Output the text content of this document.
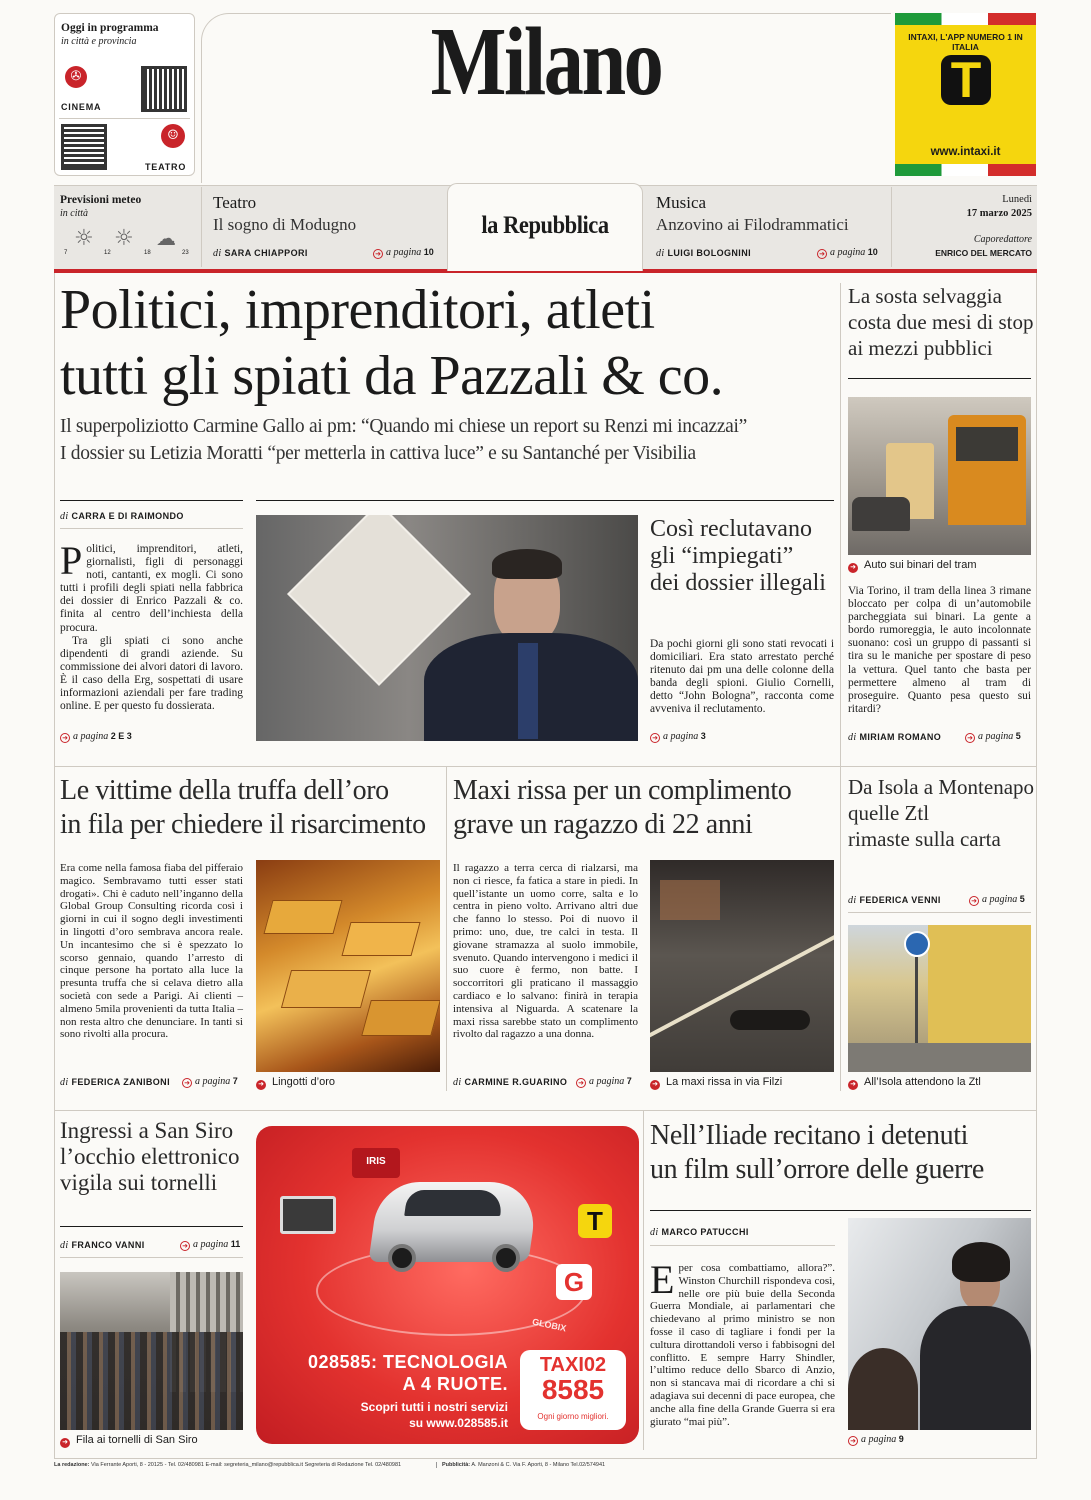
Oggi in programma
in città e provincia
✇
CINEMA
☺
TEATRO
Milano	INTAXI, L'APP NUMERO 1 IN ITALIA
T
www.intaxi.it
Previsioni meteo
in città
☼ ☼ ☁
7	12	18	23
Teatro
Il sogno di Modugno
di SARA CHIAPPORI	➜ a pagina 10
la Repubblica
Musica
Anzovino ai Filodrammatici
di LUIGI BOLOGNINI	➜ a pagina 10
Lunedì
17 marzo 2025
Caporedattore
ENRICO DEL MERCATO
Politici, imprenditori, atleti
tutti gli spiati da Pazzali & co.
Il superpoliziotto Carmine Gallo ai pm: “Quando mi chiese un report su Renzi mi incazzai”
I dossier su Letizia Moratti “per metterla in cattiva luce” e su Santanché per Visibilia
di CARRA E DI RAIMONDO
Politici, imprenditori, atleti, giornalisti, figli di personaggi noti, cantanti, ex mogli. Ci sono tutti i profili degli spiati nella fabbrica dei dossier di Enrico Pazzali & co. finita al centro dell’inchiesta della procura.
Tra gli spiati ci sono anche dipendenti di grandi aziende. Su commissione dei alvori datori di lavoro. È il caso della Erg, sospettati di usare informazioni aziendali per fare trading online. E per questo fu dossierata.
➜ a pagina 2 E 3
Così reclutavano
gli “impiegati”
dei dossier illegali
Da pochi giorni gli sono stati revocati i domiciliari. Era stato arrestato perché ritenuto dai pm una delle colonne della banda degli spioni. Giulio Cornelli, detto “John Bologna”, racconta come avveniva il reclutamento.
➜ a pagina 3
La sosta selvaggia
costa due mesi di stop
ai mezzi pubblici
➜ Auto sui binari del tram
Via Torino, il tram della linea 3 rimane bloccato per colpa di un’automobile parcheggiata sui binari. La gente a bordo rumoreggia, le auto incolonnate suonano: così un gruppo di passanti si tira su le maniche per spostare di peso la vettura. Quel tanto che basta per permettere almeno al tram di proseguire. Quanto pesa questo sui ritardi?
di MIRIAM ROMANO	➜ a pagina 5
Le vittime della truffa dell’oro
in fila per chiedere il risarcimento
Era come nella famosa fiaba del pifferaio magico. Sembravamo tutti esser stati drogati». Chi è caduto nell’inganno della Global Group Consulting ricorda così i giorni in cui il sogno degli investimenti in lingotti d’oro sembrava ancora reale. Un incantesimo che si è spezzato lo scorso gennaio, quando l’arresto di cinque persone ha portato alla luce la presunta truffa che si celava dietro alla società con sede a Parigi. Ai clienti – almeno 5mila provenienti da tutta Italia – non resta altro che denunciare. In tanti si sono rivolti alla procura.
di FEDERICA ZANIBONI ➜ a pagina 7	➜ Lingotti d’oro
Maxi rissa per un complimento
grave un ragazzo di 22 anni
Il ragazzo a terra cerca di rialzarsi, ma non ci riesce, fa fatica a stare in piedi. In quell’istante un uomo corre, salta e lo centra in pieno volto. Arrivano altri due che fanno lo stesso. Poi di nuovo il primo: uno, due, tre calci in testa. Il giovane stramazza al suolo immobile, svenuto. Quando intervengono i medici il suo cuore è fermo, non batte. I soccorritori gli praticano il massaggio cardiaco e lo salvano: finirà in terapia intensiva al Niguarda. A scatenare la maxi rissa sarebbe stato un complimento rivolto dal ragazzo a una donna.
di CARMINE R.GUARINO ➜ a pagina 7	➜ La maxi rissa in via Filzi
Da Isola a Montenapo
quelle Ztl
rimaste sulla carta
di FEDERICA VENNI	➜ a pagina 5
➜ All’Isola attendono la Ztl
Ingressi a San Siro
l’occhio elettronico
vigila sui tornelli
di FRANCO VANNI	➜ a pagina 11
➜ Fila ai tornelli di San Siro
IRIS
T
G
GLOBIX
028585: TECNOLOGIA
A 4 RUOTE.
Scopri tutti i nostri servizi
su www.028585.it
TAXI02
8585
Ogni giorno migliori.
Nell’Iliade recitano i detenuti
un film sull’orrore delle guerre
di MARCO PATUCCHI
Eper cosa combattiamo, allora?”. Winston Churchill rispondeva così, nelle ore più buie della Seconda Guerra Mondiale, ai parlamentari che chiedevano al primo ministro se non fosse il caso di tagliare i fondi per la cultura dirottandoli verso i fabbisogni del conflitto. E sempre Harry Shindler, l’ultimo reduce dello Sbarco di Anzio, non si stancava mai di ricordare a chi si adagiava sui decenni di pace europea, che anche alla fine della Grande Guerra si era giurato “mai più”.
➜ a pagina 9
La redazione: Via Ferrante Aporti, 8 - 20125 - Tel. 02/480981 E-mail: segreteria_milano@repubblica.it Segreteria di Redazione Tel. 02/480981	Pubblicità: A. Manzoni & C. Via F. Aporti, 8 - Milano Tel.02/574941
